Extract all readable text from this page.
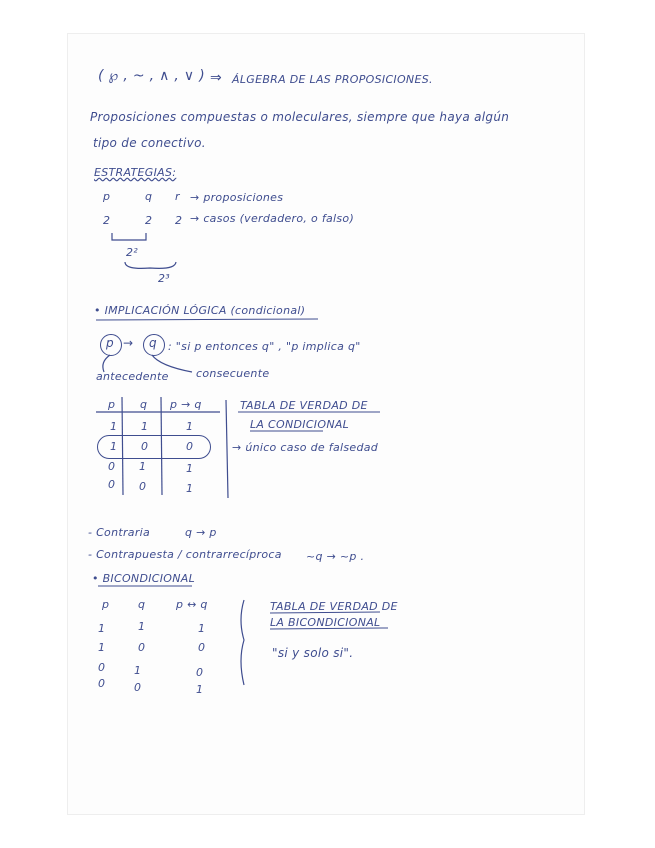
( ℘ , ~ , ∧ , ∨ ) ⇒ ÁLGEBRA DE LAS PROPOSICIONES.
Proposiciones compuestas o moleculares, siempre que haya algún
tipo de conectivo.
ESTRATEGIAS:
p	q r → proposiciones
2	2 2 → casos (verdadero, o falso)
2²
2³
• IMPLICACIÓN LÓGICA (condicional)
p → q : "si p entonces q" , "p implica q"
antecedente consecuente
p q p → q
1 1	1
1 0	0
0 1	1
0 0	1
TABLA DE VERDAD DE
LA CONDICIONAL
→ único caso de falsedad
- Contraria	q → p
- Contrapuesta / contrarrecíproca ~q → ~p .
• BICONDICIONAL
p	q	p ↔ q
1	1	1
1	0	0
0	1	0
0	0	1
TABLA DE VERDAD DE
LA BICONDICIONAL
"si y solo si".
